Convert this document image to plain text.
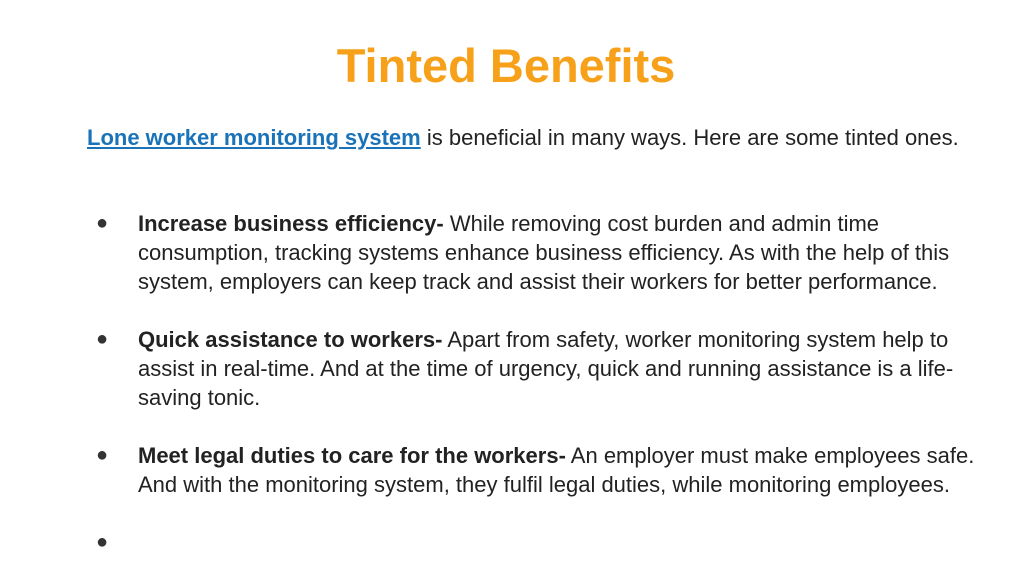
Tinted Benefits
Lone worker monitoring system is beneficial in many ways. Here are some tinted ones.
● Increase business efficiency- While removing cost burden and admin time consumption, tracking systems enhance business efficiency. As with the help of this system, employers can keep track and assist their workers for better performance.
● Quick assistance to workers- Apart from safety, worker monitoring system help to assist in real-time. And at the time of urgency, quick and running assistance is a life-saving tonic.
● Meet legal duties to care for the workers- An employer must make employees safe. And with the monitoring system, they fulfil legal duties, while monitoring employees.
●
